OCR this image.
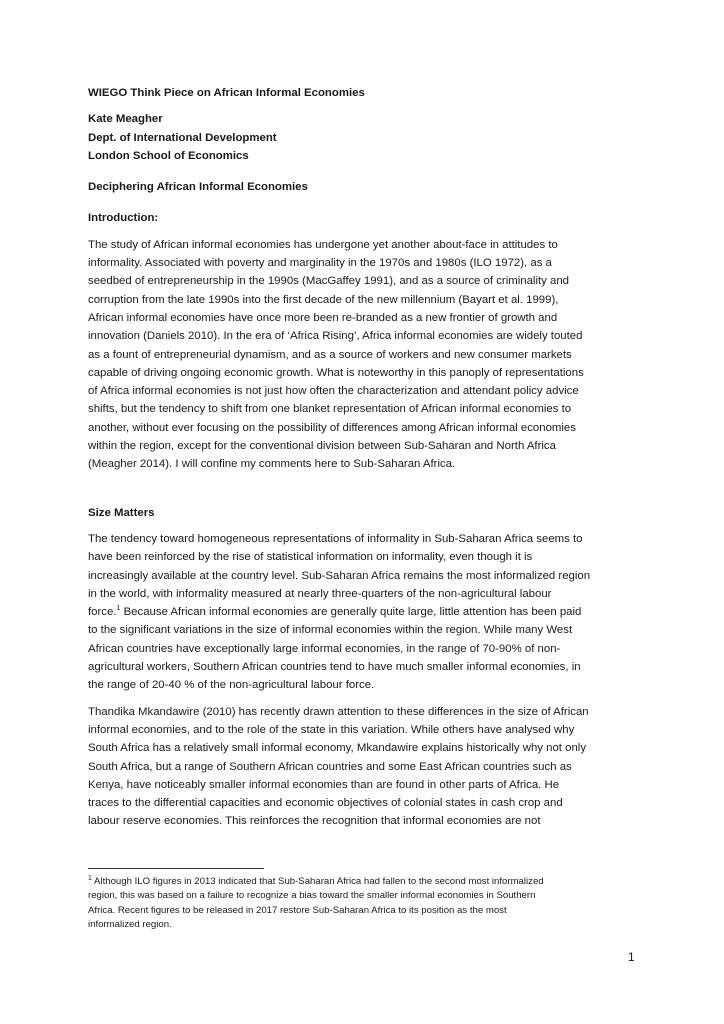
WIEGO Think Piece on African Informal Economies

Kate Meagher

Dept. of International Development

London School of Economics

Deciphering African Informal Economies

Introduction:

The study of African informal economies has undergone yet another about-face in attitudes to
informality. Associated with poverty and marginality in the 1970s and 1980s (ILO 1972), as a
seedbed of entrepreneurship in the 1990s (MacGaffey 1991), and as a source of criminality and
corruption from the late 1990s into the first decade of the new millennium (Bayart et al. 1999),
African informal economies have once more been re-branded as a new frontier of growth and
innovation (Daniels 2010). In the era of ‘Africa Rising’, Africa informal economies are widely touted
as a fount of entrepreneurial dynamism, and as a source of workers and new consumer markets
capable of driving ongoing economic growth. What is noteworthy in this panoply of representations
of Africa informal economies is not just how often the characterization and attendant policy advice
shifts, but the tendency to shift from one blanket representation of African informal economies to
another, without ever focusing on the possibility of differences among African informal economies
within the region, except for the conventional division between Sub-Saharan and North Africa
(Meagher 2014). I will confine my comments here to Sub-Saharan Africa.

Size Matters

The tendency toward homogeneous representations of informality in Sub-Saharan Africa seems to
have been reinforced by the rise of statistical information on informality, even though it is
increasingly available at the country level. Sub-Saharan Africa remains the most informalized region
in the world, with informality measured at nearly three-quarters of the non-agricultural labour
force.$^1$ Because African informal economies are generally quite large, little attention has been paid
to the significant variations in the size of informal economies within the region. While many West
African countries have exceptionally large informal economies, in the range of 70-90% of non-
agricultural workers, Southern African countries tend to have much smaller informal economies, in
the range of 20-40 % of the non-agricultural labour force.

Thandika Mkandawire (2010) has recently drawn attention to these differences in the size of African
informal economies, and to the role of the state in this variation. While others have analysed why
South Africa has a relatively small informal economy, Mkandawire explains historically why not only
South Africa, but a range of Southern African countries and some East African countries such as
Kenya, have noticeably smaller informal economies than are found in other parts of Africa. He
traces to the differential capacities and economic objectives of colonial states in cash crop and
labour reserve economies. This reinforces the recognition that informal economies are not

$^1$ Although ILO figures in 2013 indicated that Sub-Saharan Africa had fallen to the second most informalized
region, this was based on a failure to recognize a bias toward the smaller informal economies in Southern
Africa. Recent figures to be released in 2017 restore Sub-Saharan Africa to its position as the most
informalized region.
1
